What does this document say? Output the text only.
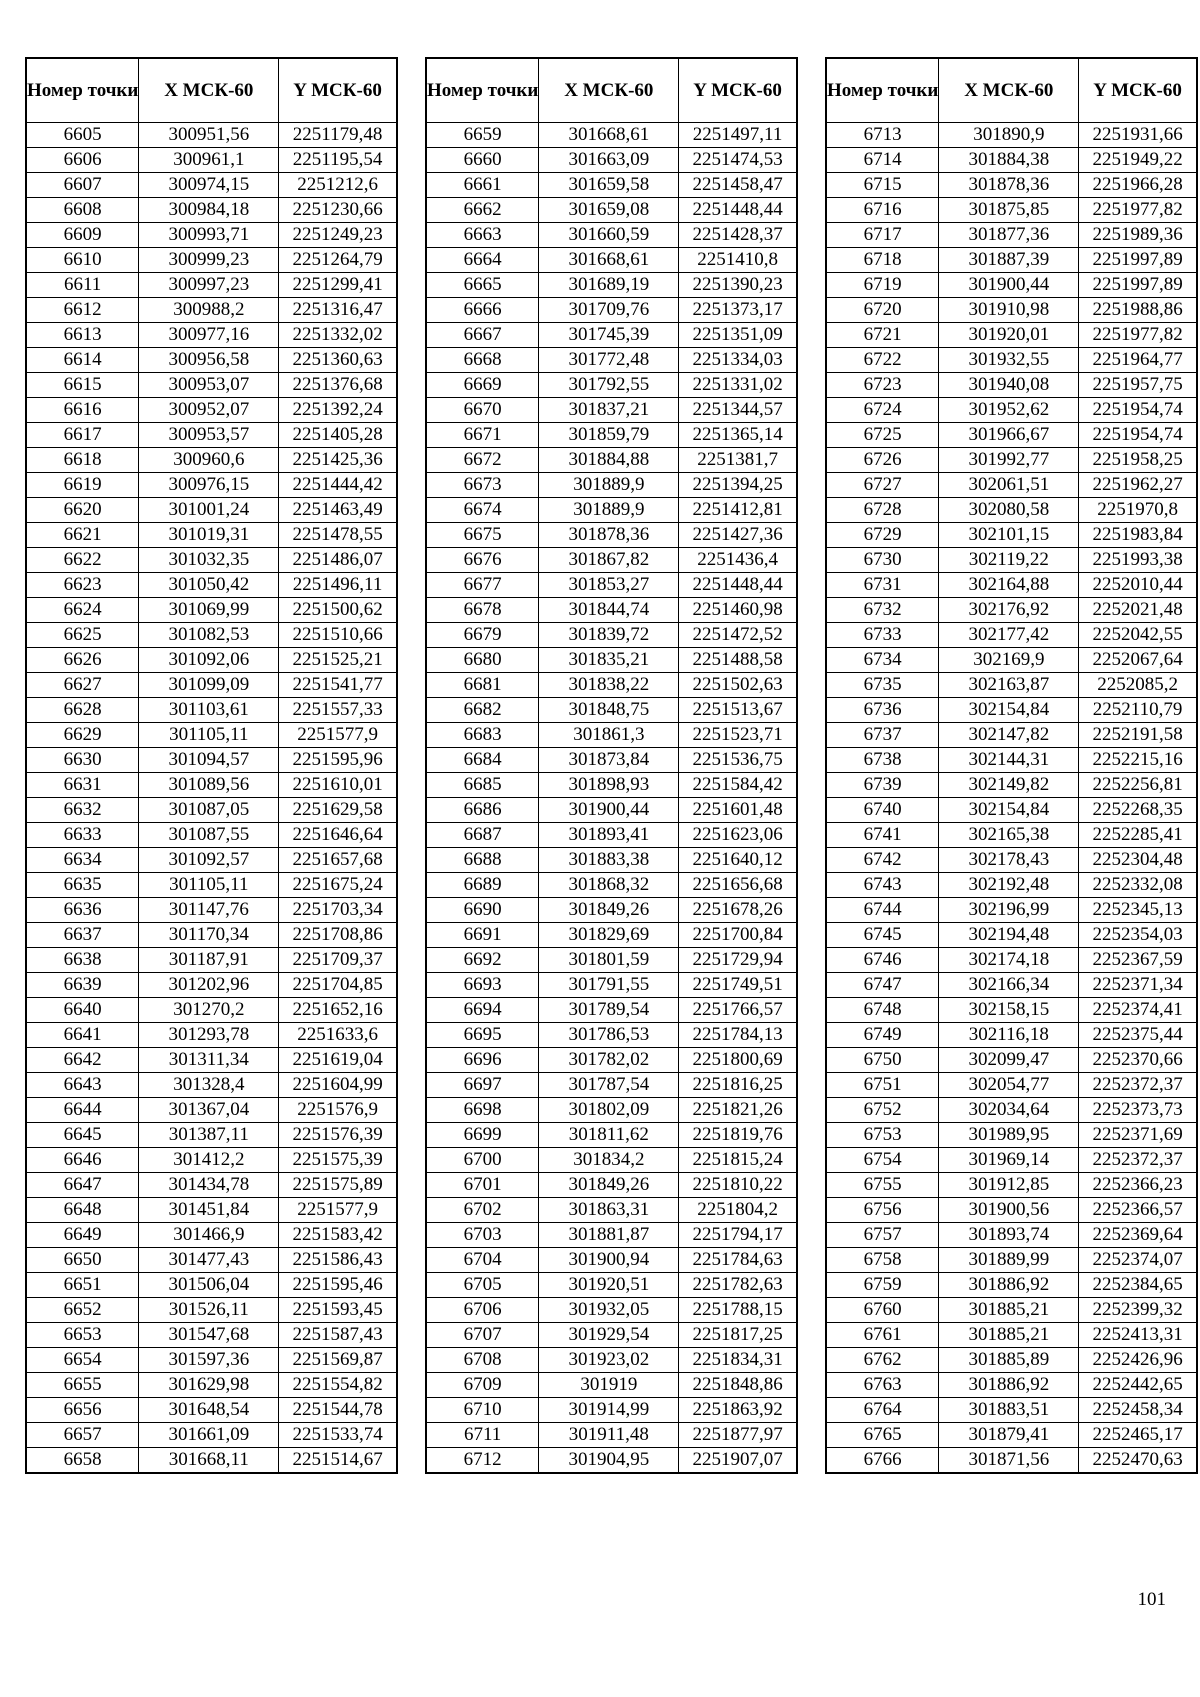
Номер точки	X МСК-60	Y МСК-60
6605	300951,56	2251179,48
6606	300961,1	2251195,54
6607	300974,15	2251212,6
6608	300984,18	2251230,66
6609	300993,71	2251249,23
6610	300999,23	2251264,79
6611	300997,23	2251299,41
6612	300988,2	2251316,47
6613	300977,16	2251332,02
6614	300956,58	2251360,63
6615	300953,07	2251376,68
6616	300952,07	2251392,24
6617	300953,57	2251405,28
6618	300960,6	2251425,36
6619	300976,15	2251444,42
6620	301001,24	2251463,49
6621	301019,31	2251478,55
6622	301032,35	2251486,07
6623	301050,42	2251496,11
6624	301069,99	2251500,62
6625	301082,53	2251510,66
6626	301092,06	2251525,21
6627	301099,09	2251541,77
6628	301103,61	2251557,33
6629	301105,11	2251577,9
6630	301094,57	2251595,96
6631	301089,56	2251610,01
6632	301087,05	2251629,58
6633	301087,55	2251646,64
6634	301092,57	2251657,68
6635	301105,11	2251675,24
6636	301147,76	2251703,34
6637	301170,34	2251708,86
6638	301187,91	2251709,37
6639	301202,96	2251704,85
6640	301270,2	2251652,16
6641	301293,78	2251633,6
6642	301311,34	2251619,04
6643	301328,4	2251604,99
6644	301367,04	2251576,9
6645	301387,11	2251576,39
6646	301412,2	2251575,39
6647	301434,78	2251575,89
6648	301451,84	2251577,9
6649	301466,9	2251583,42
6650	301477,43	2251586,43
6651	301506,04	2251595,46
6652	301526,11	2251593,45
6653	301547,68	2251587,43
6654	301597,36	2251569,87
6655	301629,98	2251554,82
6656	301648,54	2251544,78
6657	301661,09	2251533,74
6658	301668,11	2251514,67
Номер точки	X МСК-60	Y МСК-60
6659	301668,61	2251497,11
6660	301663,09	2251474,53
6661	301659,58	2251458,47
6662	301659,08	2251448,44
6663	301660,59	2251428,37
6664	301668,61	2251410,8
6665	301689,19	2251390,23
6666	301709,76	2251373,17
6667	301745,39	2251351,09
6668	301772,48	2251334,03
6669	301792,55	2251331,02
6670	301837,21	2251344,57
6671	301859,79	2251365,14
6672	301884,88	2251381,7
6673	301889,9	2251394,25
6674	301889,9	2251412,81
6675	301878,36	2251427,36
6676	301867,82	2251436,4
6677	301853,27	2251448,44
6678	301844,74	2251460,98
6679	301839,72	2251472,52
6680	301835,21	2251488,58
6681	301838,22	2251502,63
6682	301848,75	2251513,67
6683	301861,3	2251523,71
6684	301873,84	2251536,75
6685	301898,93	2251584,42
6686	301900,44	2251601,48
6687	301893,41	2251623,06
6688	301883,38	2251640,12
6689	301868,32	2251656,68
6690	301849,26	2251678,26
6691	301829,69	2251700,84
6692	301801,59	2251729,94
6693	301791,55	2251749,51
6694	301789,54	2251766,57
6695	301786,53	2251784,13
6696	301782,02	2251800,69
6697	301787,54	2251816,25
6698	301802,09	2251821,26
6699	301811,62	2251819,76
6700	301834,2	2251815,24
6701	301849,26	2251810,22
6702	301863,31	2251804,2
6703	301881,87	2251794,17
6704	301900,94	2251784,63
6705	301920,51	2251782,63
6706	301932,05	2251788,15
6707	301929,54	2251817,25
6708	301923,02	2251834,31
6709	301919	2251848,86
6710	301914,99	2251863,92
6711	301911,48	2251877,97
6712	301904,95	2251907,07
Номер точки	X МСК-60	Y МСК-60
6713	301890,9	2251931,66
6714	301884,38	2251949,22
6715	301878,36	2251966,28
6716	301875,85	2251977,82
6717	301877,36	2251989,36
6718	301887,39	2251997,89
6719	301900,44	2251997,89
6720	301910,98	2251988,86
6721	301920,01	2251977,82
6722	301932,55	2251964,77
6723	301940,08	2251957,75
6724	301952,62	2251954,74
6725	301966,67	2251954,74
6726	301992,77	2251958,25
6727	302061,51	2251962,27
6728	302080,58	2251970,8
6729	302101,15	2251983,84
6730	302119,22	2251993,38
6731	302164,88	2252010,44
6732	302176,92	2252021,48
6733	302177,42	2252042,55
6734	302169,9	2252067,64
6735	302163,87	2252085,2
6736	302154,84	2252110,79
6737	302147,82	2252191,58
6738	302144,31	2252215,16
6739	302149,82	2252256,81
6740	302154,84	2252268,35
6741	302165,38	2252285,41
6742	302178,43	2252304,48
6743	302192,48	2252332,08
6744	302196,99	2252345,13
6745	302194,48	2252354,03
6746	302174,18	2252367,59
6747	302166,34	2252371,34
6748	302158,15	2252374,41
6749	302116,18	2252375,44
6750	302099,47	2252370,66
6751	302054,77	2252372,37
6752	302034,64	2252373,73
6753	301989,95	2252371,69
6754	301969,14	2252372,37
6755	301912,85	2252366,23
6756	301900,56	2252366,57
6757	301893,74	2252369,64
6758	301889,99	2252374,07
6759	301886,92	2252384,65
6760	301885,21	2252399,32
6761	301885,21	2252413,31
6762	301885,89	2252426,96
6763	301886,92	2252442,65
6764	301883,51	2252458,34
6765	301879,41	2252465,17
6766	301871,56	2252470,63
101
